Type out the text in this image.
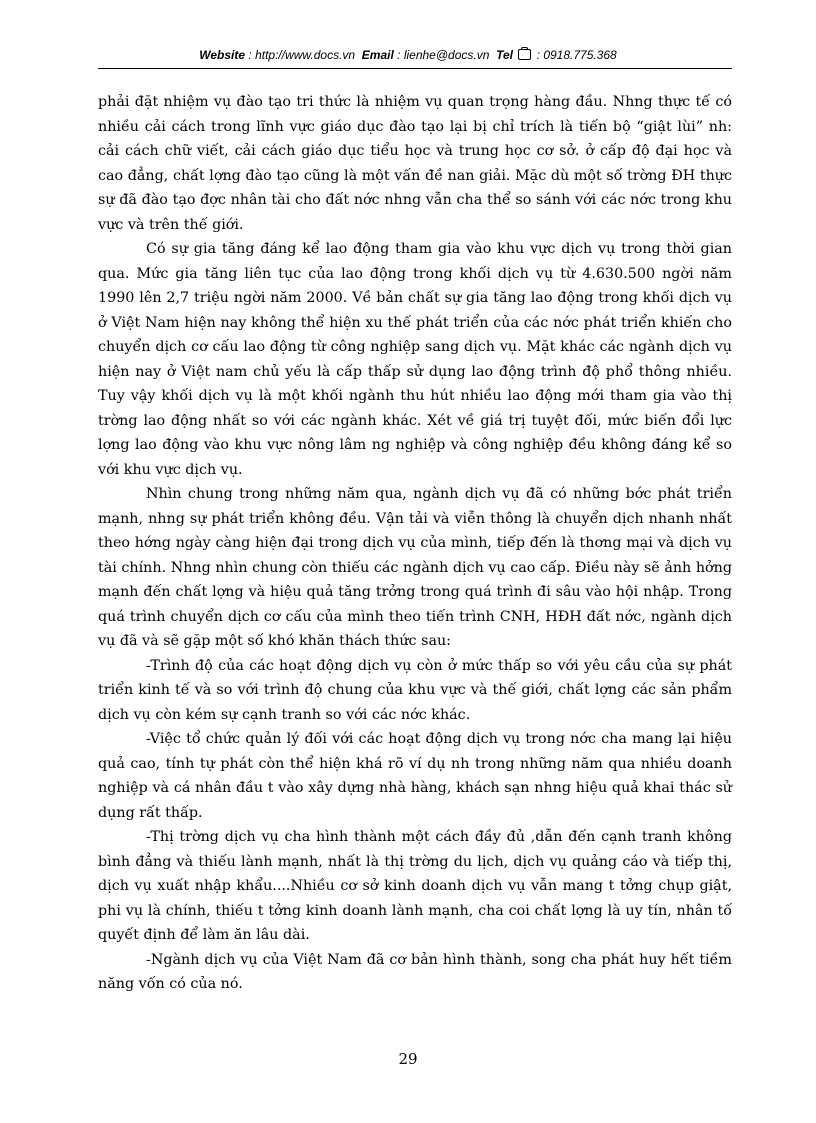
Website : http://www.docs.vn Email : lienhe@docs.vn Tel  : 0918.775.368

phải đặt nhiệm vụ đào tạo tri thức là nhiệm vụ quan trọng hàng đầu. Nhng thực tế có nhiều cải cách trong lĩnh vực giáo dục đào tạo lại bị chỉ trích là tiến bộ “giật lùi” nh: cải cách chữ viết, cải cách giáo dục tiểu học và trung học cơ sở. ở cấp độ đại học và cao đẳng, chất lợng đào tạo cũng là một vấn đề nan giải. Mặc dù một số trờng ĐH thực sự đã đào tạo đợc nhân tài cho đất nớc nhng vẫn cha thể so sánh với các nớc trong khu vực và trên thế giới.

Có sự gia tăng đáng kể lao động tham gia vào khu vực dịch vụ trong thời gian qua. Mức gia tăng liên tục của lao động trong khối dịch vụ từ 4.630.500 ngời năm 1990 lên 2,7 triệu ngời năm 2000. Về bản chất sự gia tăng lao động trong khối dịch vụ ở Việt Nam hiện nay không thể hiện xu thế phát triển của các nớc phát triển khiến cho chuyển dịch cơ cấu lao động từ công nghiệp sang dịch vụ. Mặt khác các ngành dịch vụ hiện nay ở Việt nam chủ yếu là cấp thấp sử dụng lao động trình độ phổ thông nhiều. Tuy vậy khối dịch vụ là một khối ngành thu hút nhiều lao động mới tham gia vào thị trờng lao động nhất so với các ngành khác. Xét về giá trị tuyệt đối, mức biến đổi lực lợng lao động vào khu vực nông lâm ng nghiệp và công nghiệp đều không đáng kể so với khu vực dịch vụ.

Nhìn chung trong những năm qua, ngành dịch vụ đã có những bớc phát triển mạnh, nhng sự phát triển không đều. Vận tải và viễn thông là chuyển dịch nhanh nhất theo hớng ngày càng hiện đại trong dịch vụ của mình, tiếp đến là thơng mại và dịch vụ tài chính. Nhng nhìn chung còn thiếu các ngành dịch vụ cao cấp. Điều này sẽ ảnh hởng mạnh đến chất lợng và hiệu quả tăng trởng trong quá trình đi sâu vào hội nhập. Trong quá trình chuyển dịch cơ cấu của mình theo tiến trình CNH, HĐH đất nớc, ngành dịch vụ đã và sẽ gặp một số khó khăn thách thức sau:

-Trình độ của các hoạt động dịch vụ còn ở mức thấp so với yêu cầu của sự phát triển kinh tế và so với trình độ chung của khu vực và thế giới, chất lợng các sản phẩm dịch vụ còn kém sự cạnh tranh so với các nớc khác.

-Việc tổ chức quản lý đối với các hoạt động dịch vụ trong nớc cha mang lại hiệu quả cao, tính tự phát còn thể hiện khá rõ ví dụ nh trong những năm qua nhiều doanh nghiệp và cá nhân đầu t vào xây dựng nhà hàng, khách sạn nhng hiệu quả khai thác sử dụng rất thấp.

-Thị trờng dịch vụ cha hình thành một cách đầy đủ ,dẫn đến cạnh tranh không bình đẳng và thiếu lành mạnh, nhất là thị trờng du lịch, dịch vụ quảng cáo và tiếp thị, dịch vụ xuất nhập khẩu....Nhiều cơ sở kinh doanh dịch vụ vẫn mang t tởng chụp giật, phi vụ là chính, thiếu t tởng kinh doanh lành mạnh, cha coi chất lợng là uy tín, nhân tố quyết định để làm ăn lâu dài.

-Ngành dịch vụ của Việt Nam đã cơ bản hình thành, song cha phát huy hết tiềm năng vốn có của nó.

29
